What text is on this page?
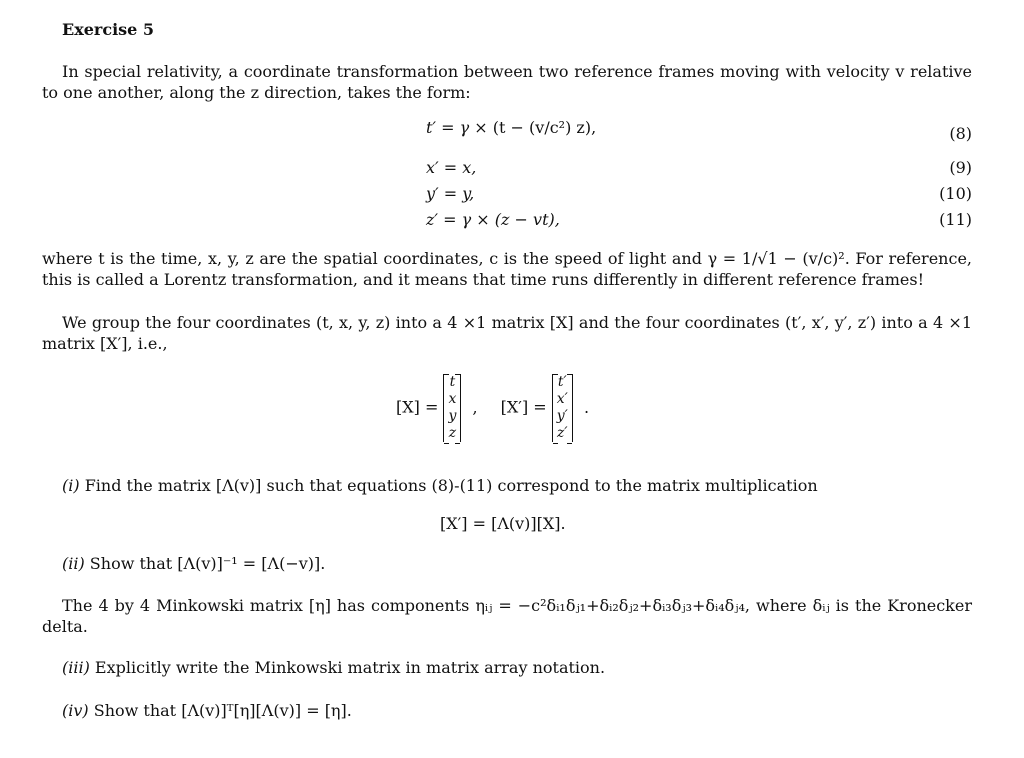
Exercise 5
In special relativity, a coordinate transformation between two reference frames moving with velocity v relative to one another, along the z direction, takes the form:
t′ = γ × (t − (v/c²) z),	(8)
x′ = x,	(9)
y′ = y,	(10)
z′ = γ × (z − vt),	(11)
where t is the time, x, y, z are the spatial coordinates, c is the speed of light and γ = 1/√1 − (v/c)². For reference, this is called a Lorentz transformation, and it means that time runs differently in different reference frames!
We group the four coordinates (t, x, y, z) into a 4 ×1 matrix [X] and the four coordinates (t′, x′, y′, z′) into a 4 ×1 matrix [X′], i.e.,
[X] =
t
x
y
z
, [X′] =
t′
x′
y′
z′
.
(i) Find the matrix [Λ(v)] such that equations (8)-(11) correspond to the matrix multiplication
[X′] = [Λ(v)][X].
(ii) Show that [Λ(v)]⁻¹ = [Λ(−v)].
The 4 by 4 Minkowski matrix [η] has components ηᵢⱼ = −c²δᵢ₁δⱼ₁+δᵢ₂δⱼ₂+δᵢ₃δⱼ₃+δᵢ₄δⱼ₄, where δᵢⱼ is the Kronecker delta.
(iii) Explicitly write the Minkowski matrix in matrix array notation.
(iv) Show that [Λ(v)]ᵀ[η][Λ(v)] = [η].
